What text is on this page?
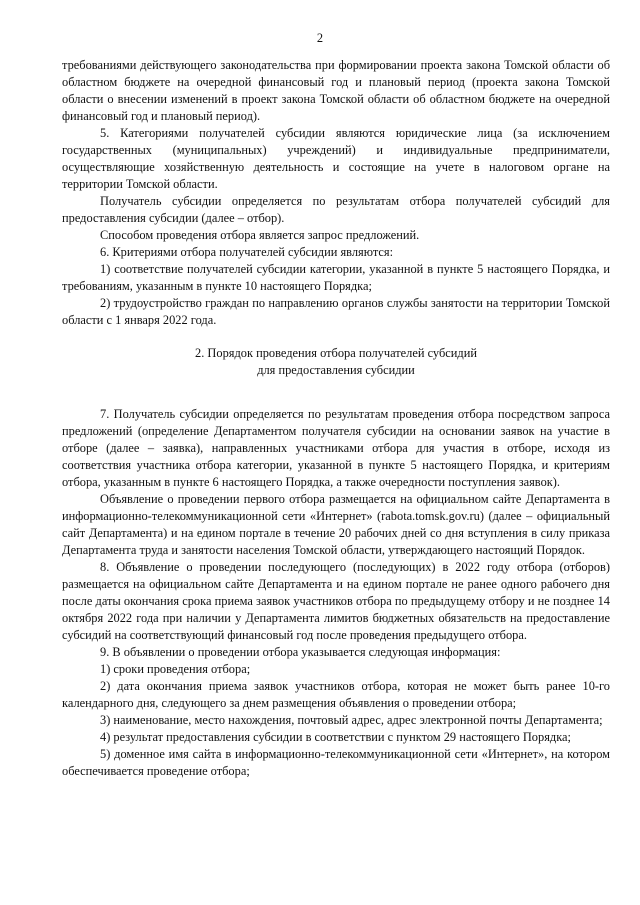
2

требованиями действующего законодательства при формировании проекта закона Томской области об областном бюджете на очередной финансовый год и плановый период (проекта закона Томской области о внесении изменений в проект закона Томской области об областном бюджете на очередной финансовый год и плановый период).

5. Категориями получателей субсидии являются юридические лица (за исключением государственных (муниципальных) учреждений) и индивидуальные предприниматели, осуществляющие хозяйственную деятельность и состоящие на учете в налоговом органе на территории Томской области.

Получатель субсидии определяется по результатам отбора получателей субсидий для предоставления субсидии (далее – отбор).

Способом проведения отбора является запрос предложений.

6. Критериями отбора получателей субсидии являются:

1) соответствие получателей субсидии категории, указанной в пункте 5 настоящего Порядка, и требованиям, указанным в пункте 10 настоящего Порядка;

2) трудоустройство граждан по направлению органов службы занятости на территории Томской области с 1 января 2022 года.

2. Порядок проведения отбора получателей субсидий

для предоставления субсидии

7. Получатель субсидии определяется по результатам проведения отбора посредством запроса предложений (определение Департаментом получателя субсидии на основании заявок на участие в отборе (далее – заявка), направленных участниками отбора для участия в отборе, исходя из соответствия участника отбора категории, указанной в пункте 5 настоящего Порядка, и критериям отбора, указанным в пункте 6 настоящего Порядка, а также очередности поступления заявок).

Объявление о проведении первого отбора размещается на официальном сайте Департамента в информационно-телекоммуникационной сети «Интернет» (rabota.tomsk.gov.ru) (далее – официальный сайт Департамента) и на едином портале в течение 20 рабочих дней со дня вступления в силу приказа Департамента труда и занятости населения Томской области, утверждающего настоящий Порядок.

8. Объявление о проведении последующего (последующих) в 2022 году отбора (отборов) размещается на официальном сайте Департамента и на едином портале не ранее одного рабочего дня после даты окончания срока приема заявок участников отбора по предыдущему отбору и не позднее 14 октября 2022 года при наличии у Департамента лимитов бюджетных обязательств на предоставление субсидий на соответствующий финансовый год после проведения предыдущего отбора.

9. В объявлении о проведении отбора указывается следующая информация:

1) сроки проведения отбора;

2) дата окончания приема заявок участников отбора, которая не может быть ранее 10-го календарного дня, следующего за днем размещения объявления о проведении отбора;

3) наименование, место нахождения, почтовый адрес, адрес электронной почты Департамента;

4) результат предоставления субсидии в соответствии с пунктом 29 настоящего Порядка;

5) доменное имя сайта в информационно-телекоммуникационной сети «Интернет», на котором обеспечивается проведение отбора;
